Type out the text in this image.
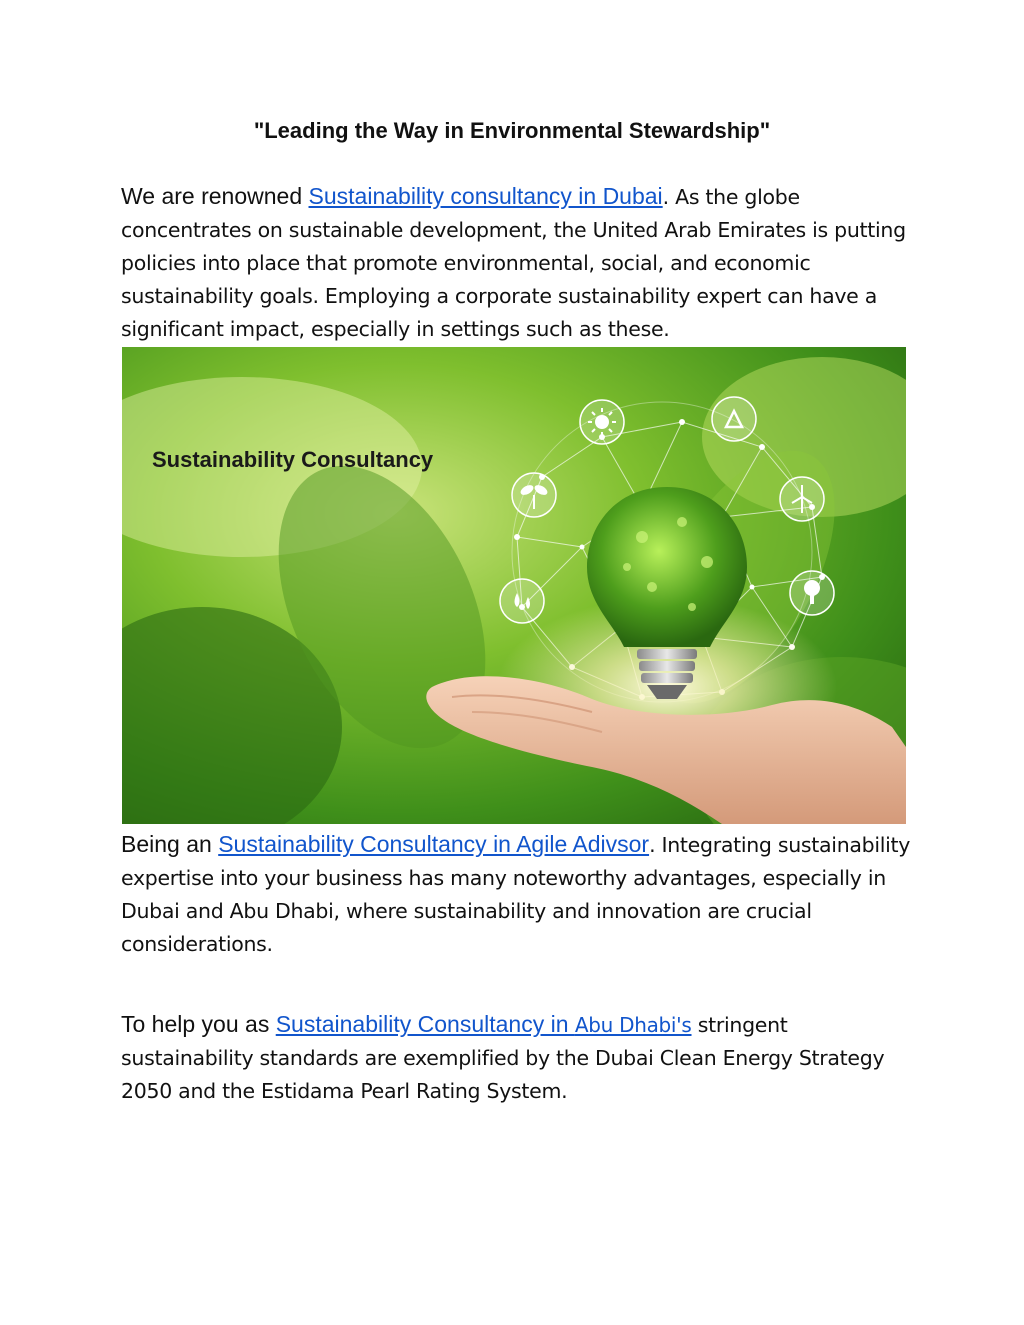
"Leading the Way in Environmental Stewardship"

We are renowned Sustainability consultancy in Dubai. As the globe concentrates on sustainable development, the United Arab Emirates is putting policies into place that promote environmental, social, and economic sustainability goals. Employing a corporate sustainability expert can have a significant impact, especially in settings such as these.

Sustainability Consultancy

Being an Sustainability Consultancy in Agile Adivsor. Integrating sustainability expertise into your business has many noteworthy advantages, especially in Dubai and Abu Dhabi, where sustainability and innovation are crucial considerations.

To help you as Sustainability Consultancy in Abu Dhabi's stringent sustainability standards are exemplified by the Dubai Clean Energy Strategy 2050 and the Estidama Pearl Rating System.
